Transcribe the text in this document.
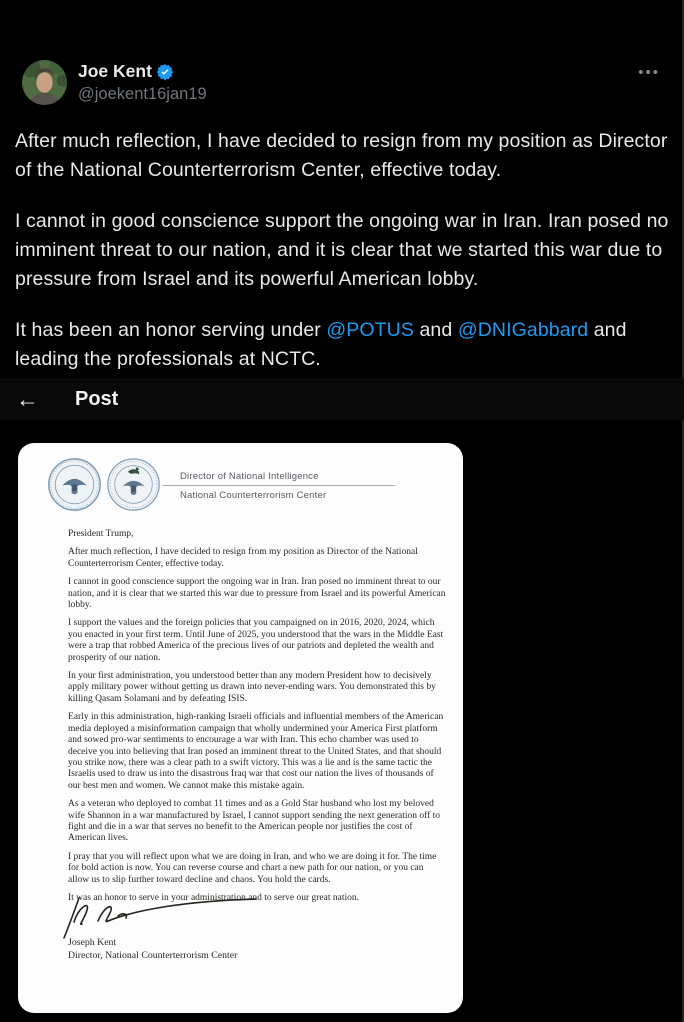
Joe Kent
@joekent16jan19
•••

After much reflection, I have decided to resign from my position as Director of the National Counterterrorism Center, effective today.

I cannot in good conscience support the ongoing war in Iran. Iran posed no imminent threat to our nation, and it is clear that we started this war due to pressure from Israel and its powerful American lobby.

It has been an honor serving under @POTUS and @DNIGabbard and leading the professionals at NCTC.

← Post
Director of National Intelligence
National Counterterrorism Center

President Trump,

After much reflection, I have decided to resign from my position as Director of the National Counterterrorism Center, effective today.

I cannot in good conscience support the ongoing war in Iran. Iran posed no imminent threat to our nation, and it is clear that we started this war due to pressure from Israel and its powerful American lobby.

I support the values and the foreign policies that you campaigned on in 2016, 2020, 2024, which you enacted in your first term. Until June of 2025, you understood that the wars in the Middle East were a trap that robbed America of the precious lives of our patriots and depleted the wealth and prosperity of our nation.

In your first administration, you understood better than any modern President how to decisively apply military power without getting us drawn into never-ending wars. You demonstrated this by killing Qasam Solamani and by defeating ISIS.

Early in this administration, high-ranking Israeli officials and influential members of the American media deployed a misinformation campaign that wholly undermined your America First platform and sowed pro-war sentiments to encourage a war with Iran. This echo chamber was used to deceive you into believing that Iran posed an imminent threat to the United States, and that should you strike now, there was a clear path to a swift victory. This was a lie and is the same tactic the Israelis used to draw us into the disastrous Iraq war that cost our nation the lives of thousands of our best men and women. We cannot make this mistake again.

As a veteran who deployed to combat 11 times and as a Gold Star husband who lost my beloved wife Shannon in a war manufactured by Israel, I cannot support sending the next generation off to fight and die in a war that serves no benefit to the American people nor justifies the cost of American lives.

I pray that you will reflect upon what we are doing in Iran, and who we are doing it for. The time for bold action is now. You can reverse course and chart a new path for our nation, or you can allow us to slip further toward decline and chaos. You hold the cards.

It was an honor to serve in your administration and to serve our great nation.

Joseph Kent
Director, National Counterterrorism Center
